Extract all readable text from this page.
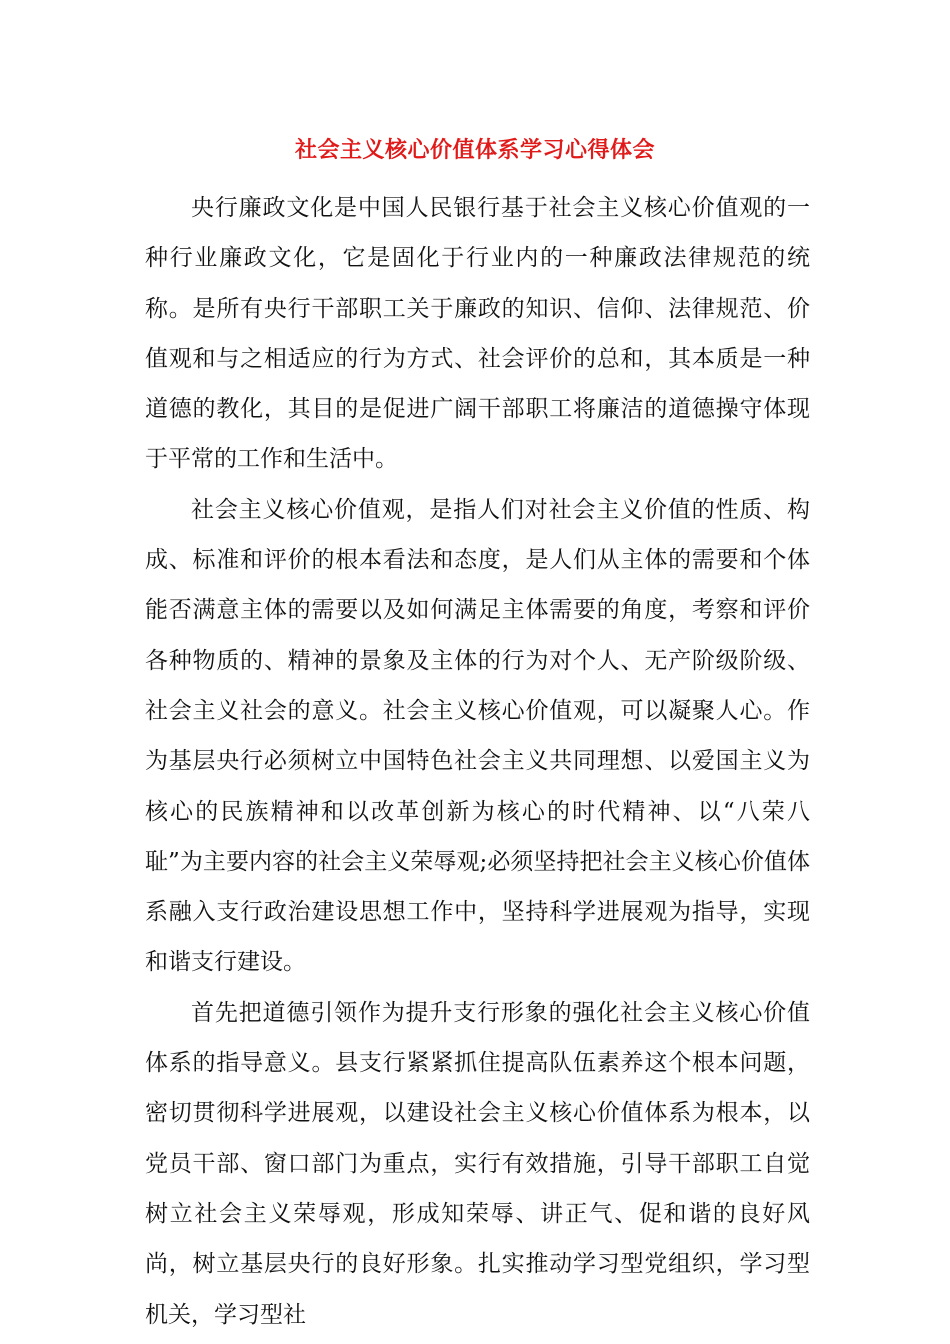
社会主义核心价值体系学习心得体会

央行廉政文化是中国人民银行基于社会主义核心价值观的一种行业廉政文化，它是固化于行业内的一种廉政法律规范的统称。是所有央行干部职工关于廉政的知识、信仰、法律规范、价值观和与之相适应的行为方式、社会评价的总和，其本质是一种道德的教化，其目的是促进广阔干部职工将廉洁的道德操守体现于平常的工作和生活中。

社会主义核心价值观，是指人们对社会主义价值的性质、构成、标准和评价的根本看法和态度，是人们从主体的需要和个体能否满意主体的需要以及如何满足主体需要的角度，考察和评价各种物质的、精神的景象及主体的行为对个人、无产阶级阶级、社会主义社会的意义。社会主义核心价值观，可以凝聚人心。作为基层央行必须树立中国特色社会主义共同理想、以爱国主义为核心的民族精神和以改革创新为核心的时代精神、以“八荣八耻”为主要内容的社会主义荣辱观;必须坚持把社会主义核心价值体系融入支行政治建设思想工作中，坚持科学进展观为指导，实现和谐支行建设。

首先把道德引领作为提升支行形象的强化社会主义核心价值体系的指导意义。县支行紧紧抓住提高队伍素养这个根本问题，密切贯彻科学进展观，以建设社会主义核心价值体系为根本，以党员干部、窗口部门为重点，实行有效措施，引导干部职工自觉树立社会主义荣辱观，形成知荣辱、讲正气、促和谐的良好风尚，树立基层央行的良好形象。扎实推动学习型党组织，学习型机关，学习型社
